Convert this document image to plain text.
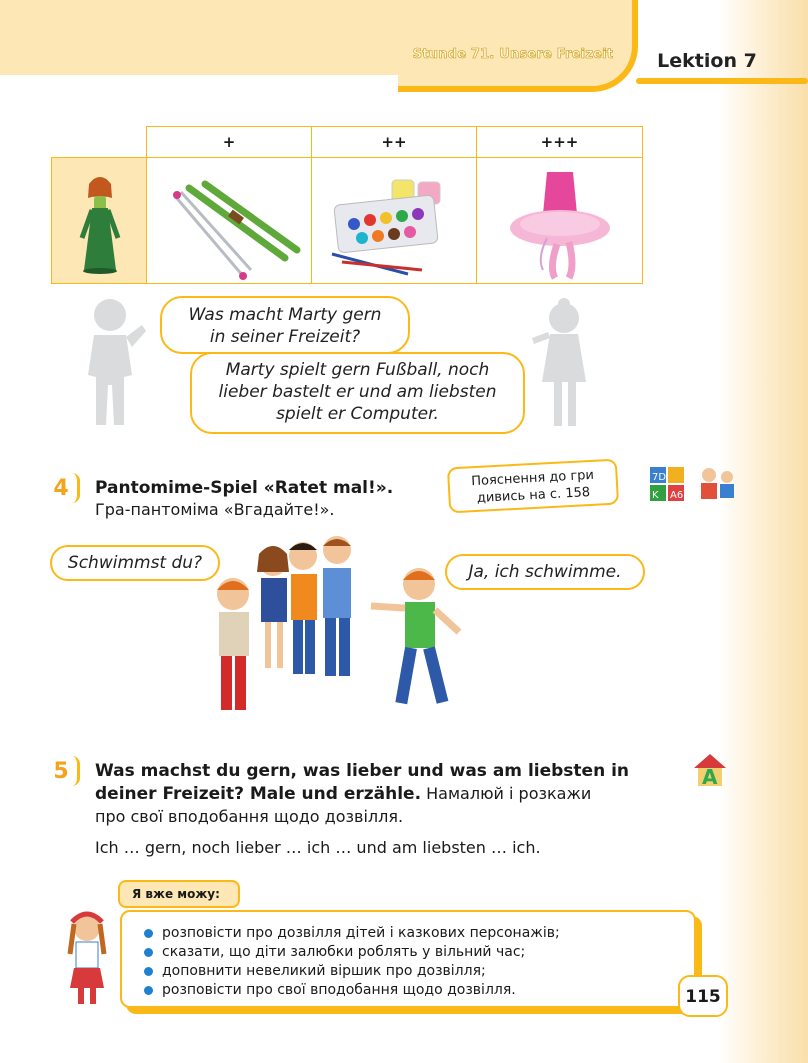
Stunde 71. Unsere Freizeit Lektion 7
+	++	+++
Was macht Marty gern
in seiner Freizeit?
Marty spielt gern Fußball, noch
lieber bastelt er und am liebsten
spielt er Computer.
4 Pantomime-Spiel «Ratet mal!».
Гра-пантоміма «Вгадайте!».
Пояснення до гри
дивись на с. 158
7D
K A6
Schwimmst du?	Ja, ich schwimme.
5 Was machst du gern, was lieber und was am liebsten in
deiner Freizeit? Male und erzähle. Намалюй і розкажи
про свої вподобання щодо дозвілля.
Ich … gern, noch lieber … ich … und am liebsten … ich.
A
Я вже можу:
розповісти про дозвілля дітей і казкових персонажів;
сказати, що діти залюбки роблять у вільний час;
доповнити невеликий віршик про дозвілля;
розповісти про свої вподобання щодо дозвілля.	115
